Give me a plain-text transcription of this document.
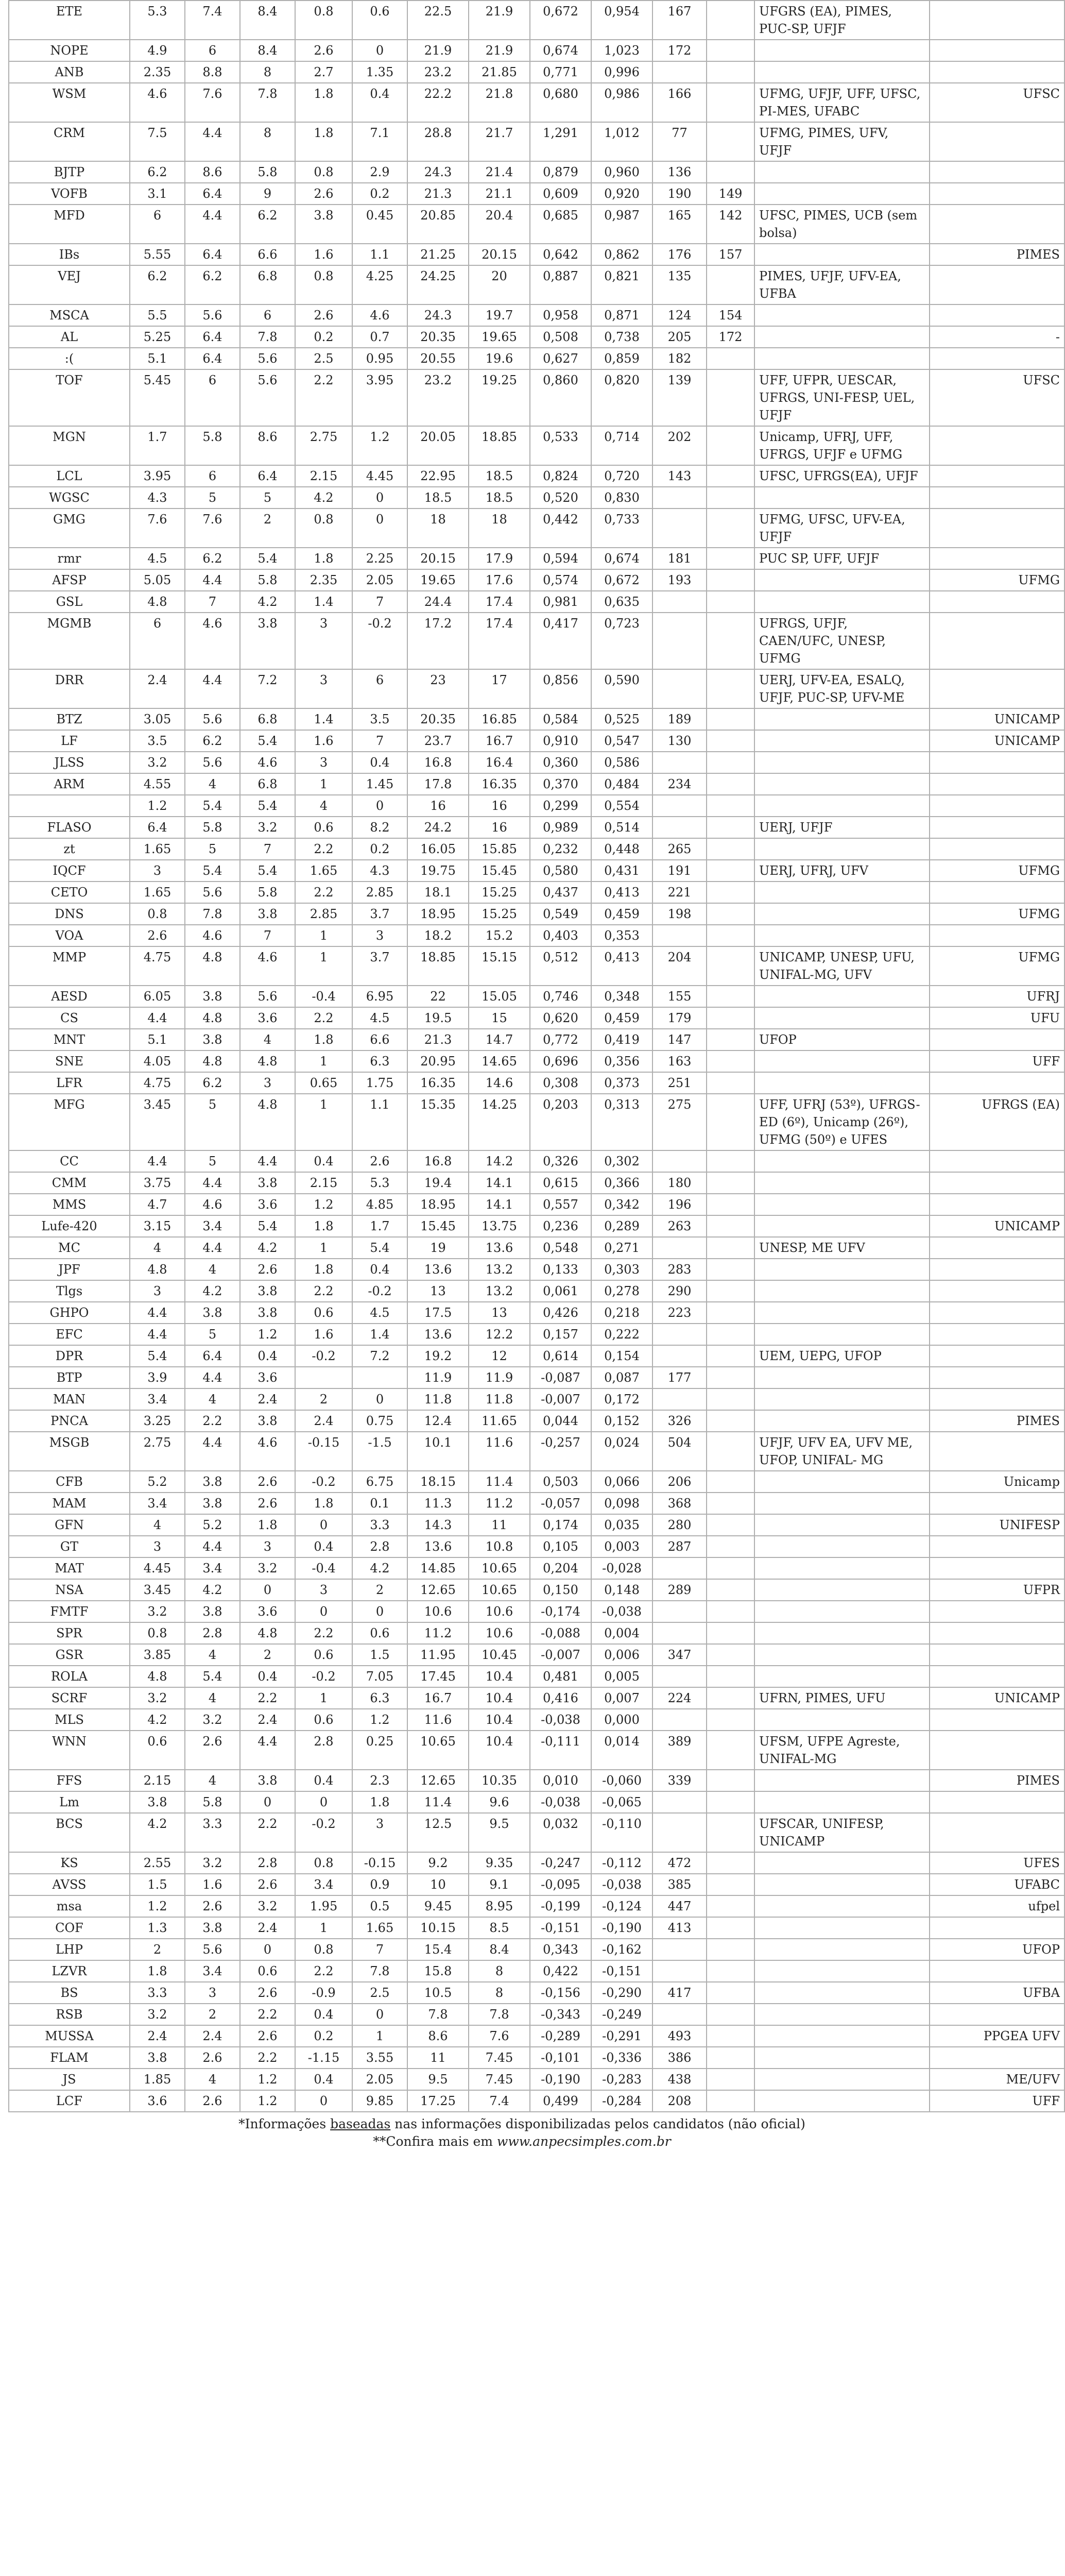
ETE	5.3	7.4	8.4	0.8	0.6	22.5	21.9	0,672	0,954	167		UFGRS (EA), PIMES, PUC-SP, UFJF	
NOPE	4.9	6	8.4	2.6	0	21.9	21.9	0,674	1,023	172			
ANB	2.35	8.8	8	2.7	1.35	23.2	21.85	0,771	0,996				
WSM	4.6	7.6	7.8	1.8	0.4	22.2	21.8	0,680	0,986	166		UFMG, UFJF, UFF, UFSC, PI-MES, UFABC	UFSC
CRM	7.5	4.4	8	1.8	7.1	28.8	21.7	1,291	1,012	77		UFMG, PIMES, UFV, UFJF	
BJTP	6.2	8.6	5.8	0.8	2.9	24.3	21.4	0,879	0,960	136			
VOFB	3.1	6.4	9	2.6	0.2	21.3	21.1	0,609	0,920	190	149		
MFD	6	4.4	6.2	3.8	0.45	20.85	20.4	0,685	0,987	165	142	UFSC, PIMES, UCB (sem bolsa)	
IBs	5.55	6.4	6.6	1.6	1.1	21.25	20.15	0,642	0,862	176	157		PIMES
VEJ	6.2	6.2	6.8	0.8	4.25	24.25	20	0,887	0,821	135		PIMES, UFJF, UFV-EA, UFBA	
MSCA	5.5	5.6	6	2.6	4.6	24.3	19.7	0,958	0,871	124	154		
AL	5.25	6.4	7.8	0.2	0.7	20.35	19.65	0,508	0,738	205	172		-
:(	5.1	6.4	5.6	2.5	0.95	20.55	19.6	0,627	0,859	182			
TOF	5.45	6	5.6	2.2	3.95	23.2	19.25	0,860	0,820	139		UFF, UFPR, UESCAR, UFRGS, UNI-FESP, UEL, UFJF	UFSC
MGN	1.7	5.8	8.6	2.75	1.2	20.05	18.85	0,533	0,714	202		Unicamp, UFRJ, UFF, UFRGS, UFJF e UFMG	
LCL	3.95	6	6.4	2.15	4.45	22.95	18.5	0,824	0,720	143		UFSC, UFRGS(EA), UFJF	
WGSC	4.3	5	5	4.2	0	18.5	18.5	0,520	0,830				
GMG	7.6	7.6	2	0.8	0	18	18	0,442	0,733			UFMG, UFSC, UFV-EA, UFJF	
rmr	4.5	6.2	5.4	1.8	2.25	20.15	17.9	0,594	0,674	181		PUC SP, UFF, UFJF	
AFSP	5.05	4.4	5.8	2.35	2.05	19.65	17.6	0,574	0,672	193			UFMG
GSL	4.8	7	4.2	1.4	7	24.4	17.4	0,981	0,635				
MGMB	6	4.6	3.8	3	-0.2	17.2	17.4	0,417	0,723			UFRGS, UFJF, CAEN/UFC, UNESP, UFMG	
DRR	2.4	4.4	7.2	3	6	23	17	0,856	0,590			UERJ, UFV-EA, ESALQ, UFJF, PUC-SP, UFV-ME	
BTZ	3.05	5.6	6.8	1.4	3.5	20.35	16.85	0,584	0,525	189			UNICAMP
LF	3.5	6.2	5.4	1.6	7	23.7	16.7	0,910	0,547	130			UNICAMP
JLSS	3.2	5.6	4.6	3	0.4	16.8	16.4	0,360	0,586				
ARM	4.55	4	6.8	1	1.45	17.8	16.35	0,370	0,484	234			
	1.2	5.4	5.4	4	0	16	16	0,299	0,554				
FLASO	6.4	5.8	3.2	0.6	8.2	24.2	16	0,989	0,514			UERJ, UFJF	
zt	1.65	5	7	2.2	0.2	16.05	15.85	0,232	0,448	265			
IQCF	3	5.4	5.4	1.65	4.3	19.75	15.45	0,580	0,431	191		UERJ, UFRJ, UFV	UFMG
CETO	1.65	5.6	5.8	2.2	2.85	18.1	15.25	0,437	0,413	221			
DNS	0.8	7.8	3.8	2.85	3.7	18.95	15.25	0,549	0,459	198			UFMG
VOA	2.6	4.6	7	1	3	18.2	15.2	0,403	0,353				
MMP	4.75	4.8	4.6	1	3.7	18.85	15.15	0,512	0,413	204		UNICAMP, UNESP, UFU, UNIFAL-MG, UFV	UFMG
AESD	6.05	3.8	5.6	-0.4	6.95	22	15.05	0,746	0,348	155			UFRJ
CS	4.4	4.8	3.6	2.2	4.5	19.5	15	0,620	0,459	179			UFU
MNT	5.1	3.8	4	1.8	6.6	21.3	14.7	0,772	0,419	147		UFOP	
SNE	4.05	4.8	4.8	1	6.3	20.95	14.65	0,696	0,356	163			UFF
LFR	4.75	6.2	3	0.65	1.75	16.35	14.6	0,308	0,373	251			
MFG	3.45	5	4.8	1	1.1	15.35	14.25	0,203	0,313	275		UFF, UFRJ (53º), UFRGS-ED (6º), Unicamp (26º), UFMG (50º) e UFES	UFRGS (EA)
CC	4.4	5	4.4	0.4	2.6	16.8	14.2	0,326	0,302				
CMM	3.75	4.4	3.8	2.15	5.3	19.4	14.1	0,615	0,366	180			
MMS	4.7	4.6	3.6	1.2	4.85	18.95	14.1	0,557	0,342	196			
Lufe-420	3.15	3.4	5.4	1.8	1.7	15.45	13.75	0,236	0,289	263			UNICAMP
MC	4	4.4	4.2	1	5.4	19	13.6	0,548	0,271			UNESP, ME UFV	
JPF	4.8	4	2.6	1.8	0.4	13.6	13.2	0,133	0,303	283			
Tlgs	3	4.2	3.8	2.2	-0.2	13	13.2	0,061	0,278	290			
GHPO	4.4	3.8	3.8	0.6	4.5	17.5	13	0,426	0,218	223			
EFC	4.4	5	1.2	1.6	1.4	13.6	12.2	0,157	0,222				
DPR	5.4	6.4	0.4	-0.2	7.2	19.2	12	0,614	0,154			UEM, UEPG, UFOP	
BTP	3.9	4.4	3.6			11.9	11.9	-0,087	0,087	177			
MAN	3.4	4	2.4	2	0	11.8	11.8	-0,007	0,172				
PNCA	3.25	2.2	3.8	2.4	0.75	12.4	11.65	0,044	0,152	326			PIMES
MSGB	2.75	4.4	4.6	-0.15	-1.5	10.1	11.6	-0,257	0,024	504		UFJF, UFV EA, UFV ME, UFOP, UNIFAL- MG	
CFB	5.2	3.8	2.6	-0.2	6.75	18.15	11.4	0,503	0,066	206			Unicamp
MAM	3.4	3.8	2.6	1.8	0.1	11.3	11.2	-0,057	0,098	368			
GFN	4	5.2	1.8	0	3.3	14.3	11	0,174	0,035	280			UNIFESP
GT	3	4.4	3	0.4	2.8	13.6	10.8	0,105	0,003	287			
MAT	4.45	3.4	3.2	-0.4	4.2	14.85	10.65	0,204	-0,028				
NSA	3.45	4.2	0	3	2	12.65	10.65	0,150	0,148	289			UFPR
FMTF	3.2	3.8	3.6	0	0	10.6	10.6	-0,174	-0,038				
SPR	0.8	2.8	4.8	2.2	0.6	11.2	10.6	-0,088	0,004				
GSR	3.85	4	2	0.6	1.5	11.95	10.45	-0,007	0,006	347			
ROLA	4.8	5.4	0.4	-0.2	7.05	17.45	10.4	0,481	0,005				
SCRF	3.2	4	2.2	1	6.3	16.7	10.4	0,416	0,007	224		UFRN, PIMES, UFU	UNICAMP
MLS	4.2	3.2	2.4	0.6	1.2	11.6	10.4	-0,038	0,000				
WNN	0.6	2.6	4.4	2.8	0.25	10.65	10.4	-0,111	0,014	389		UFSM, UFPE Agreste, UNIFAL-MG	
FFS	2.15	4	3.8	0.4	2.3	12.65	10.35	0,010	-0,060	339			PIMES
Lm	3.8	5.8	0	0	1.8	11.4	9.6	-0,038	-0,065				
BCS	4.2	3.3	2.2	-0.2	3	12.5	9.5	0,032	-0,110			UFSCAR, UNIFESP, UNICAMP	
KS	2.55	3.2	2.8	0.8	-0.15	9.2	9.35	-0,247	-0,112	472			UFES
AVSS	1.5	1.6	2.6	3.4	0.9	10	9.1	-0,095	-0,038	385			UFABC
msa	1.2	2.6	3.2	1.95	0.5	9.45	8.95	-0,199	-0,124	447			ufpel
COF	1.3	3.8	2.4	1	1.65	10.15	8.5	-0,151	-0,190	413			
LHP	2	5.6	0	0.8	7	15.4	8.4	0,343	-0,162				UFOP
LZVR	1.8	3.4	0.6	2.2	7.8	15.8	8	0,422	-0,151				
BS	3.3	3	2.6	-0.9	2.5	10.5	8	-0,156	-0,290	417			UFBA
RSB	3.2	2	2.2	0.4	0	7.8	7.8	-0,343	-0,249				
MUSSA	2.4	2.4	2.6	0.2	1	8.6	7.6	-0,289	-0,291	493			PPGEA UFV
FLAM	3.8	2.6	2.2	-1.15	3.55	11	7.45	-0,101	-0,336	386			
JS	1.85	4	1.2	0.4	2.05	9.5	7.45	-0,190	-0,283	438			ME/UFV
LCF	3.6	2.6	1.2	0	9.85	17.25	7.4	0,499	-0,284	208			UFF
*Informações baseadas nas informações disponibilizadas pelos candidatos (não oficial)
**Confira mais em www.anpecsimples.com.br
